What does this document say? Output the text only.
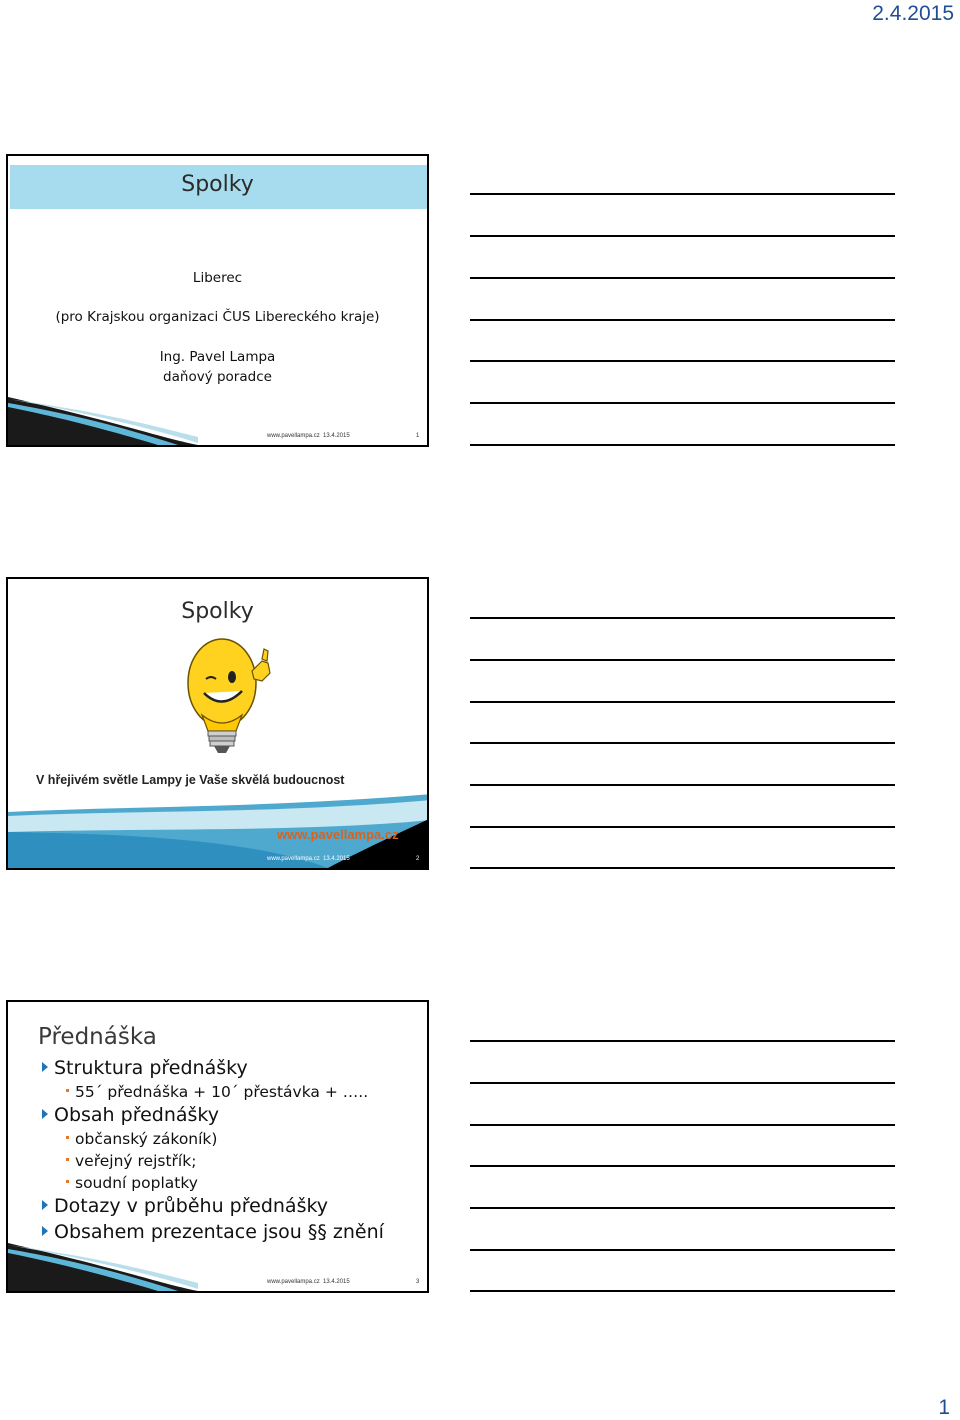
2.4.2015
Spolky
Liberec
(pro Krajskou organizaci ČUS Libereckého kraje)
Ing. Pavel Lampa
daňový poradce
www.pavellampa.cz 13.4.2015	1
Spolky
V hřejivém světle Lampy je Vaše skvělá budoucnost
www.pavellampa.cz
www.pavellampa.cz 13.4.2015	2
Přednáška
Struktura přednášky
55´ přednáška + 10´ přestávka + …..
Obsah přednášky
občanský zákoník)
veřejný rejstřík;
soudní poplatky
Dotazy v průběhu přednášky
Obsahem prezentace jsou §§ znění
www.pavellampa.cz 13.4.2015	3
1
